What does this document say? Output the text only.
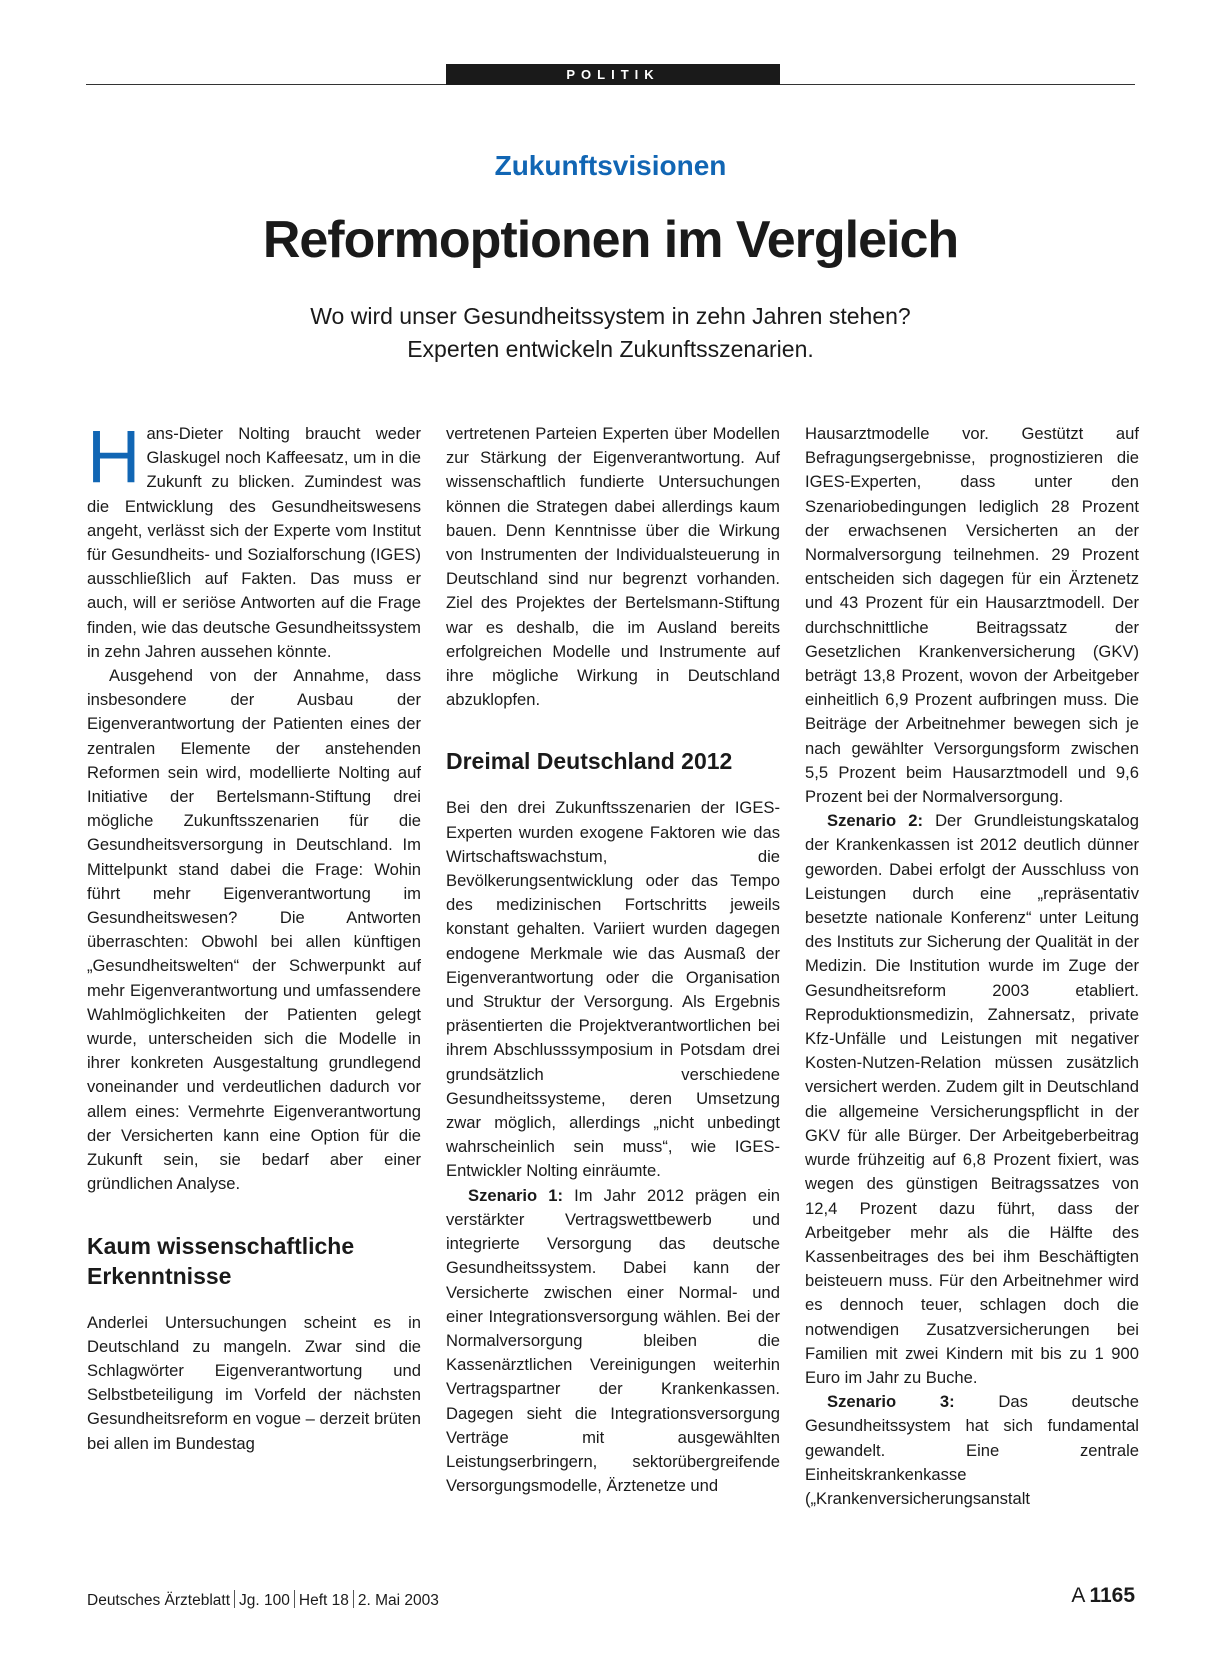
POLITIK
Zukunftsvisionen
Reformoptionen im Vergleich
Wo wird unser Gesundheitssystem in zehn Jahren stehen?
Experten entwickeln Zukunftsszenarien.

Hans-Dieter Nolting braucht weder Glaskugel noch Kaffeesatz, um in die Zukunft zu blicken. Zumindest was die Entwicklung des Gesundheitswesens angeht, verlässt sich der Experte vom Institut für Gesundheits- und Sozialforschung (IGES) ausschließlich auf Fakten. Das muss er auch, will er seriöse Antworten auf die Frage finden, wie das deutsche Gesundheitssystem in zehn Jahren aussehen könnte.

Ausgehend von der Annahme, dass insbesondere der Ausbau der Eigenverantwortung der Patienten eines der zentralen Elemente der anstehenden Reformen sein wird, modellierte Nolting auf Initiative der Bertelsmann-Stiftung drei mögliche Zukunftsszenarien für die Gesundheitsversorgung in Deutschland. Im Mittelpunkt stand dabei die Frage: Wohin führt mehr Eigenverantwortung im Gesundheitswesen? Die Antworten überraschten: Obwohl bei allen künftigen „Gesundheitswelten“ der Schwerpunkt auf mehr Eigenverantwortung und umfassendere Wahlmöglichkeiten der Patienten gelegt wurde, unterscheiden sich die Modelle in ihrer konkreten Ausgestaltung grundlegend voneinander und verdeutlichen dadurch vor allem eines: Vermehrte Eigenverantwortung der Versicherten kann eine Option für die Zukunft sein, sie bedarf aber einer gründlichen Analyse.

Kaum wissenschaftliche Erkenntnisse

Anderlei Untersuchungen scheint es in Deutschland zu mangeln. Zwar sind die Schlagwörter Eigenverantwortung und Selbstbeteiligung im Vorfeld der nächsten Gesundheitsreform en vogue – derzeit brüten bei allen im Bundestag

vertretenen Parteien Experten über Modellen zur Stärkung der Eigenverantwortung. Auf wissenschaftlich fundierte Untersuchungen können die Strategen dabei allerdings kaum bauen. Denn Kenntnisse über die Wirkung von Instrumenten der Individualsteuerung in Deutschland sind nur begrenzt vorhanden. Ziel des Projektes der Bertelsmann-Stiftung war es deshalb, die im Ausland bereits erfolgreichen Modelle und Instrumente auf ihre mögliche Wirkung in Deutschland abzuklopfen.

Dreimal Deutschland 2012

Bei den drei Zukunftsszenarien der IGES-Experten wurden exogene Faktoren wie das Wirtschaftswachstum, die Bevölkerungsentwicklung oder das Tempo des medizinischen Fortschritts jeweils konstant gehalten. Variiert wurden dagegen endogene Merkmale wie das Ausmaß der Eigenverantwortung oder die Organisation und Struktur der Versorgung. Als Ergebnis präsentierten die Projektverantwortlichen bei ihrem Abschlusssymposium in Potsdam drei grundsätzlich verschiedene Gesundheitssysteme, deren Umsetzung zwar möglich, allerdings „nicht unbedingt wahrscheinlich sein muss“, wie IGES-Entwickler Nolting einräumte.

Szenario 1: Im Jahr 2012 prägen ein verstärkter Vertragswettbewerb und integrierte Versorgung das deutsche Gesundheitssystem. Dabei kann der Versicherte zwischen einer Normal- und einer Integrationsversorgung wählen. Bei der Normalversorgung bleiben die Kassenärztlichen Vereinigungen weiterhin Vertragspartner der Krankenkassen. Dagegen sieht die Integrationsversorgung Verträge mit ausgewählten Leistungserbringern, sektorübergreifende Versorgungsmodelle, Ärztenetze und

Hausarztmodelle vor. Gestützt auf Befragungsergebnisse, prognostizieren die IGES-Experten, dass unter den Szenariobedingungen lediglich 28 Prozent der erwachsenen Versicherten an der Normalversorgung teilnehmen. 29 Prozent entscheiden sich dagegen für ein Ärztenetz und 43 Prozent für ein Hausarztmodell. Der durchschnittliche Beitragssatz der Gesetzlichen Krankenversicherung (GKV) beträgt 13,8 Prozent, wovon der Arbeitgeber einheitlich 6,9 Prozent aufbringen muss. Die Beiträge der Arbeitnehmer bewegen sich je nach gewählter Versorgungsform zwischen 5,5 Prozent beim Hausarztmodell und 9,6 Prozent bei der Normalversorgung.

Szenario 2: Der Grundleistungskatalog der Krankenkassen ist 2012 deutlich dünner geworden. Dabei erfolgt der Ausschluss von Leistungen durch eine „repräsentativ besetzte nationale Konferenz“ unter Leitung des Instituts zur Sicherung der Qualität in der Medizin. Die Institution wurde im Zuge der Gesundheitsreform 2003 etabliert. Reproduktionsmedizin, Zahnersatz, private Kfz-Unfälle und Leistungen mit negativer Kosten-Nutzen-Relation müssen zusätzlich versichert werden. Zudem gilt in Deutschland die allgemeine Versicherungspflicht in der GKV für alle Bürger. Der Arbeitgeberbeitrag wurde frühzeitig auf 6,8 Prozent fixiert, was wegen des günstigen Beitragssatzes von 12,4 Prozent dazu führt, dass der Arbeitgeber mehr als die Hälfte des Kassenbeitrages des bei ihm Beschäftigten beisteuern muss. Für den Arbeitnehmer wird es dennoch teuer, schlagen doch die notwendigen Zusatzversicherungen bei Familien mit zwei Kindern mit bis zu 1 900 Euro im Jahr zu Buche.

Szenario 3: Das deutsche Gesundheitssystem hat sich fundamental gewandelt. Eine zentrale Einheitskrankenkasse („Krankenversicherungsanstalt

Deutsches Ärzteblatt Jg. 100 Heft 18 2. Mai 2003	A 1165
